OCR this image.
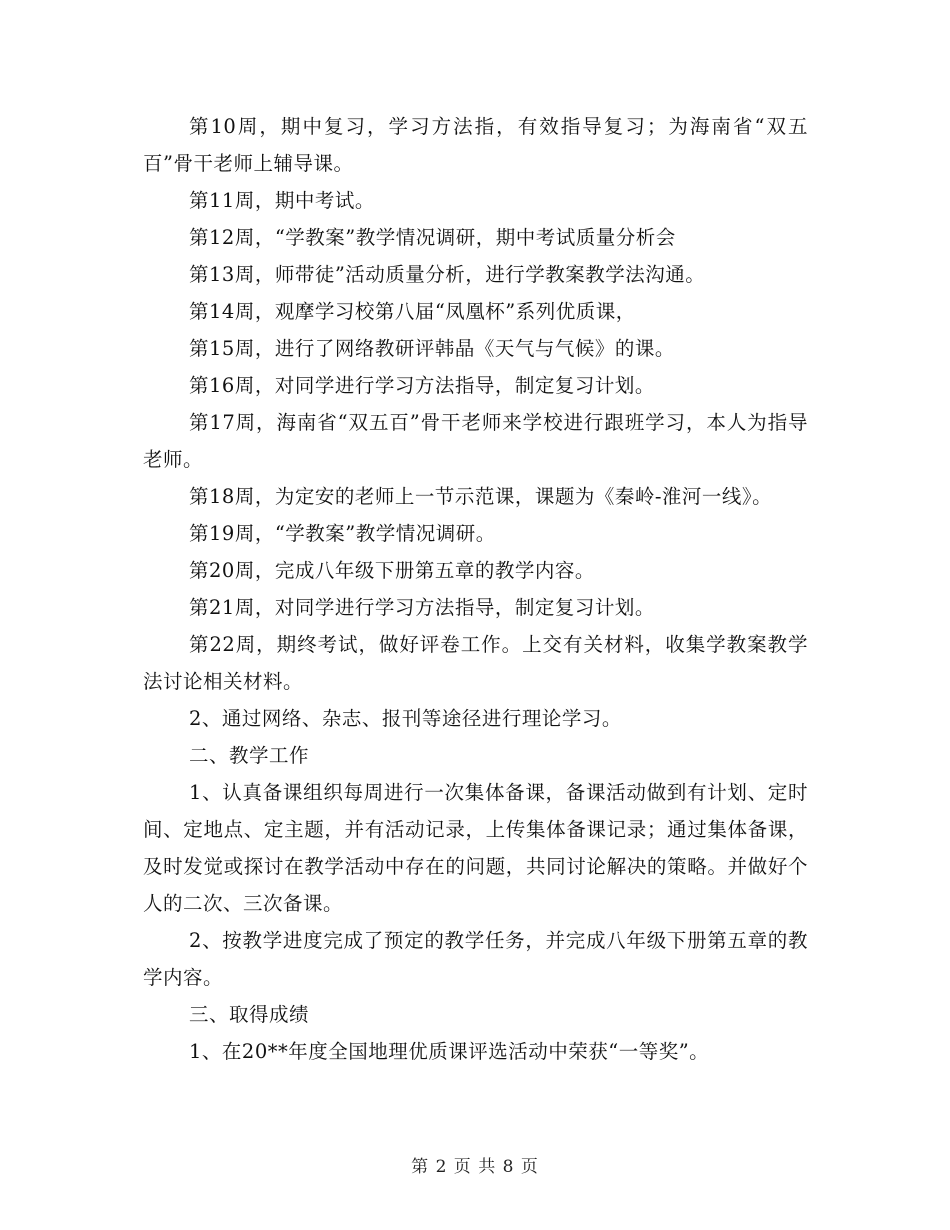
第10周，期中复习，学习方法指，有效指导复习；为海南省“双五百”骨干老师上辅导课。

第11周，期中考试。

第12周，“学教案”教学情况调研，期中考试质量分析会

第13周，师带徒”活动质量分析，进行学教案教学法沟通。

第14周，观摩学习校第八届“凤凰杯”系列优质课，

第15周，进行了网络教研评韩晶《天气与气候》的课。

第16周，对同学进行学习方法指导，制定复习计划。

第17周，海南省“双五百”骨干老师来学校进行跟班学习，本人为指导老师。

第18周，为定安的老师上一节示范课，课题为《秦岭-淮河一线》。

第19周，“学教案”教学情况调研。

第20周，完成八年级下册第五章的教学内容。

第21周，对同学进行学习方法指导，制定复习计划。

第22周，期终考试，做好评卷工作。上交有关材料，收集学教案教学法讨论相关材料。

2、通过网络、杂志、报刊等途径进行理论学习。

二、教学工作

1、认真备课组织每周进行一次集体备课，备课活动做到有计划、定时间、定地点、定主题，并有活动记录，上传集体备课记录；通过集体备课，及时发觉或探讨在教学活动中存在的问题，共同讨论解决的策略。并做好个人的二次、三次备课。

2、按教学进度完成了预定的教学任务，并完成八年级下册第五章的教学内容。

三、取得成绩

1、在20**年度全国地理优质课评选活动中荣获“一等奖”。

第 2 页 共 8 页
